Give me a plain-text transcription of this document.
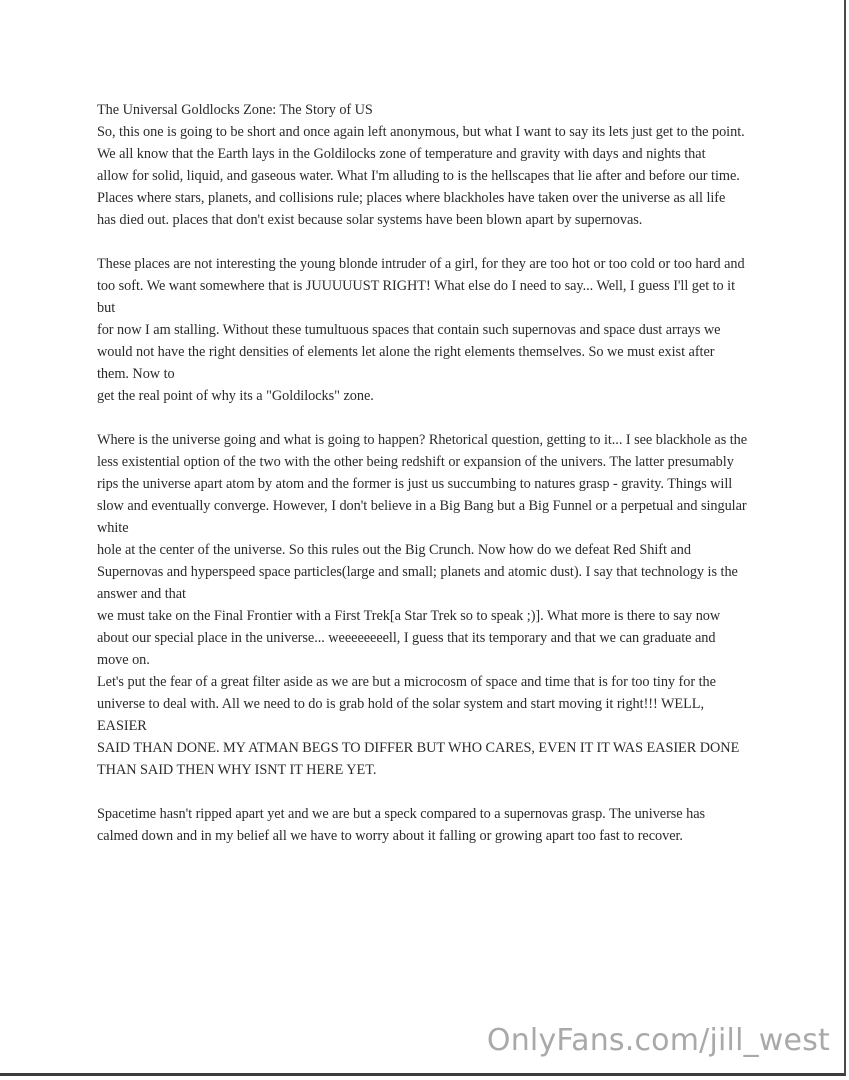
The Universal Goldlocks Zone: The Story of US

So, this one is going to be short and once again left anonymous, but what I want to say its lets just get to the point. We all know that the Earth lays in the Goldilocks zone of temperature and gravity with days and nights that

allow for solid, liquid, and gaseous water. What I'm alluding to is the hellscapes that lie after and before our time. Places where stars, planets, and collisions rule; places where blackholes have taken over the universe as all life

has died out. places that don't exist because solar systems have been blown apart by supernovas.

These places are not interesting the young blonde intruder of a girl, for they are too hot or too cold or too hard and too soft. We want somewhere that is JUUUUUST RIGHT! What else do I need to say... Well, I guess I'll get to it but

for now I am stalling. Without these tumultuous spaces that contain such supernovas and space dust arrays we would not have the right densities of elements let alone the right elements themselves. So we must exist after them. Now to

get the real point of why its a "Goldilocks" zone.

Where is the universe going and what is going to happen? Rhetorical question, getting to it... I see blackhole as the less existential option of the two with the other being redshift or expansion of the univers. The latter presumably

rips the universe apart atom by atom and the former is just us succumbing to natures grasp - gravity. Things will slow and eventually converge. However, I don't believe in a Big Bang but a Big Funnel or a perpetual and singular white

hole at the center of the universe. So this rules out the Big Crunch. Now how do we defeat Red Shift and Supernovas and hyperspeed space particles(large and small; planets and atomic dust). I say that technology is the answer and that

we must take on the Final Frontier with a First Trek[a Star Trek so to speak ;)]. What more is there to say now about our special place in the universe... weeeeeeeell, I guess that its temporary and that we can graduate and move on.

Let's put the fear of a great filter aside as we are but a microcosm of space and time that is for too tiny for the universe to deal with. All we need to do is grab hold of the solar system and start moving it right!!! WELL, EASIER

SAID THAN DONE. MY ATMAN BEGS TO DIFFER BUT WHO CARES, EVEN IT IT WAS EASIER DONE THAN SAID THEN WHY ISNT IT HERE YET.

Spacetime hasn't ripped apart yet and we are but a speck compared to a supernovas grasp. The universe has calmed down and in my belief all we have to worry about it falling or growing apart too fast to recover.

OnlyFans.com/jill_west
